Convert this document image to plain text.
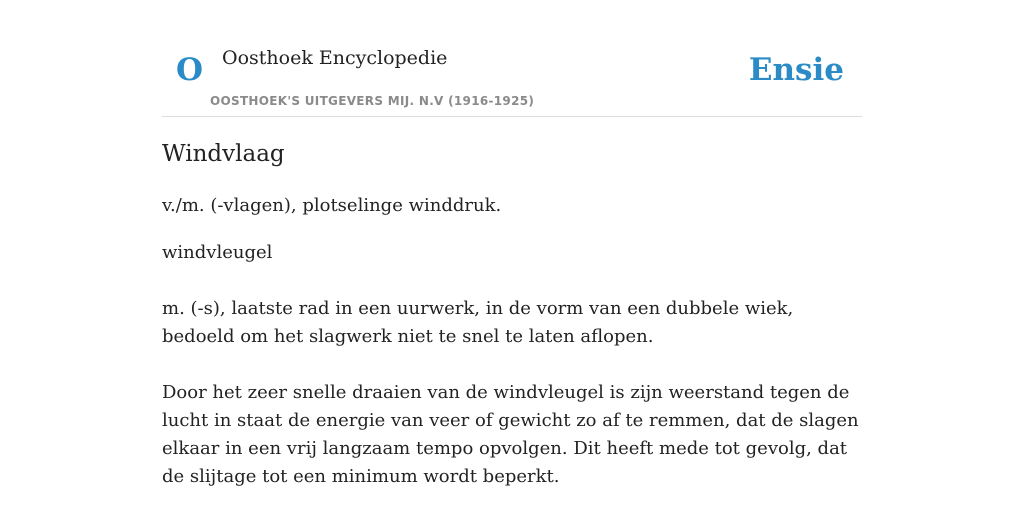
O Oosthoek Encyclopedie
OOSTHOEK'S UITGEVERS MIJ. N.V (1916-1925)
Ensie
Windvlaag
v./m. (-vlagen), plotselinge winddruk.
windvleugel
m. (-s), laatste rad in een uurwerk, in de vorm van een dubbele wiek, bedoeld om het slagwerk niet te snel te laten aflopen.
Door het zeer snelle draaien van de windvleugel is zijn weerstand tegen de lucht in staat de energie van veer of gewicht zo af te remmen, dat de slagen elkaar in een vrij langzaam tempo opvolgen. Dit heeft mede tot gevolg, dat de slijtage tot een minimum wordt beperkt.
